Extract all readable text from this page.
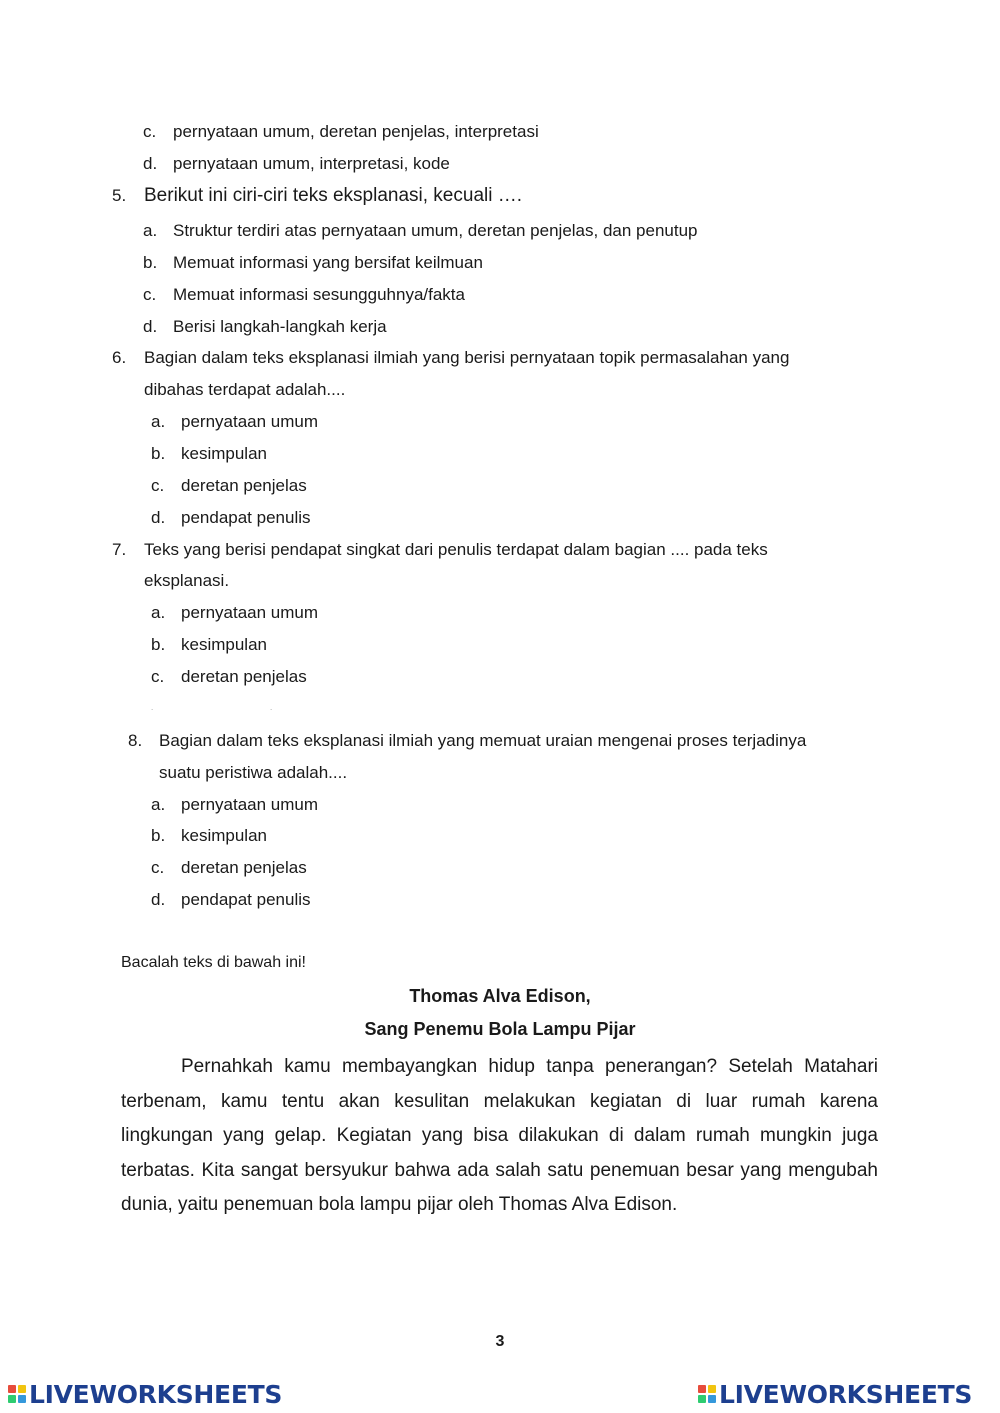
c. pernyataan umum, deretan penjelas, interpretasi
d. pernyataan umum, interpretasi, kode
5. Berikut ini ciri-ciri teks eksplanasi, kecuali ….
a. Struktur terdiri atas pernyataan umum, deretan penjelas, dan penutup
b. Memuat informasi yang bersifat keilmuan
c. Memuat informasi sesungguhnya/fakta
d. Berisi langkah-langkah kerja
6. Bagian dalam teks eksplanasi ilmiah yang berisi pernyataan topik permasalahan yang
dibahas terdapat adalah....
a. pernyataan umum
b. kesimpulan
c. deretan penjelas
d. pendapat penulis
7. Teks yang berisi pendapat singkat dari penulis terdapat dalam bagian .... pada teks
eksplanasi.
a. pernyataan umum
b. kesimpulan
c. deretan penjelas
.	.
8. Bagian dalam teks eksplanasi ilmiah yang memuat uraian mengenai proses terjadinya
suatu peristiwa adalah....
a. pernyataan umum
b. kesimpulan
c. deretan penjelas
d. pendapat penulis
Bacalah teks di bawah ini!
Thomas Alva Edison,
Sang Penemu Bola Lampu Pijar
Pernahkah kamu membayangkan hidup tanpa penerangan? Setelah Matahari terbenam, kamu tentu akan kesulitan melakukan kegiatan di luar rumah karena lingkungan yang gelap. Kegiatan yang bisa dilakukan di dalam rumah mungkin juga terbatas. Kita sangat bersyukur bahwa ada salah satu penemuan besar yang mengubah dunia, yaitu penemuan bola lampu pijar oleh Thomas Alva Edison.
3
LIVEWORKSHEETS	LIVEWORKSHEETS
